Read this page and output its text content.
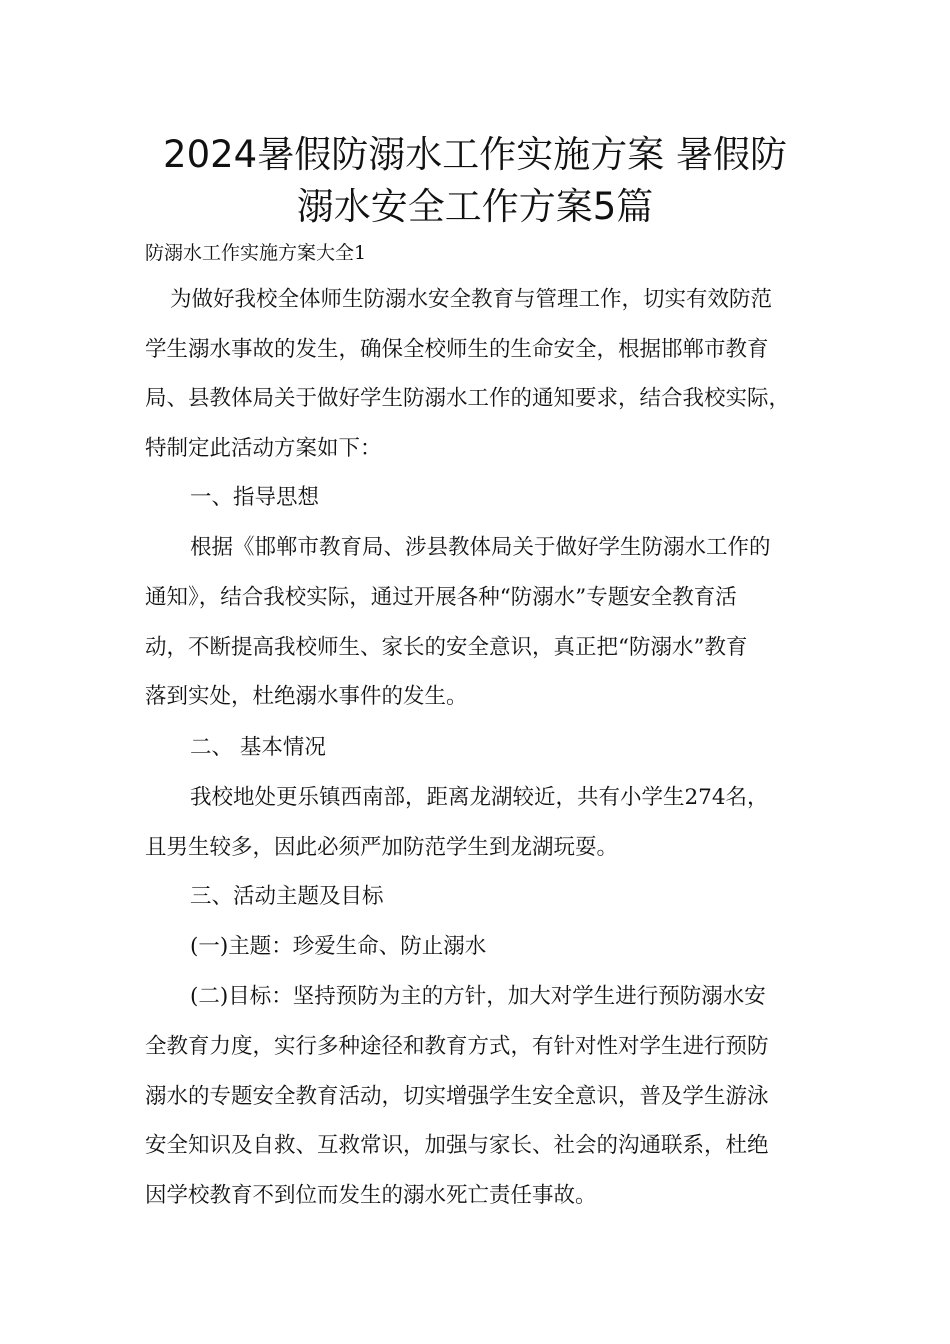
2024暑假防溺水工作实施方案 暑假防
溺水安全工作方案5篇

防溺水工作实施方案大全1

为做好我校全体师生防溺水安全教育与管理工作，切实有效防范

学生溺水事故的发生，确保全校师生的生命安全，根据邯郸市教育

局、县教体局关于做好学生防溺水工作的通知要求，结合我校实际，

特制定此活动方案如下：

一、指导思想

根据《邯郸市教育局、涉县教体局关于做好学生防溺水工作的

通知》，结合我校实际，通过开展各种“防溺水”专题安全教育活

动，不断提高我校师生、家长的安全意识，真正把“防溺水”教育

落到实处，杜绝溺水事件的发生。

二、 基本情况

我校地处更乐镇西南部，距离龙湖较近，共有小学生274名，

且男生较多，因此必须严加防范学生到龙湖玩耍。

三、活动主题及目标

(一)主题：珍爱生命、防止溺水

(二)目标：坚持预防为主的方针，加大对学生进行预防溺水安

全教育力度，实行多种途径和教育方式，有针对性对学生进行预防

溺水的专题安全教育活动，切实增强学生安全意识，普及学生游泳

安全知识及自救、互救常识，加强与家长、社会的沟通联系，杜绝

因学校教育不到位而发生的溺水死亡责任事故。
